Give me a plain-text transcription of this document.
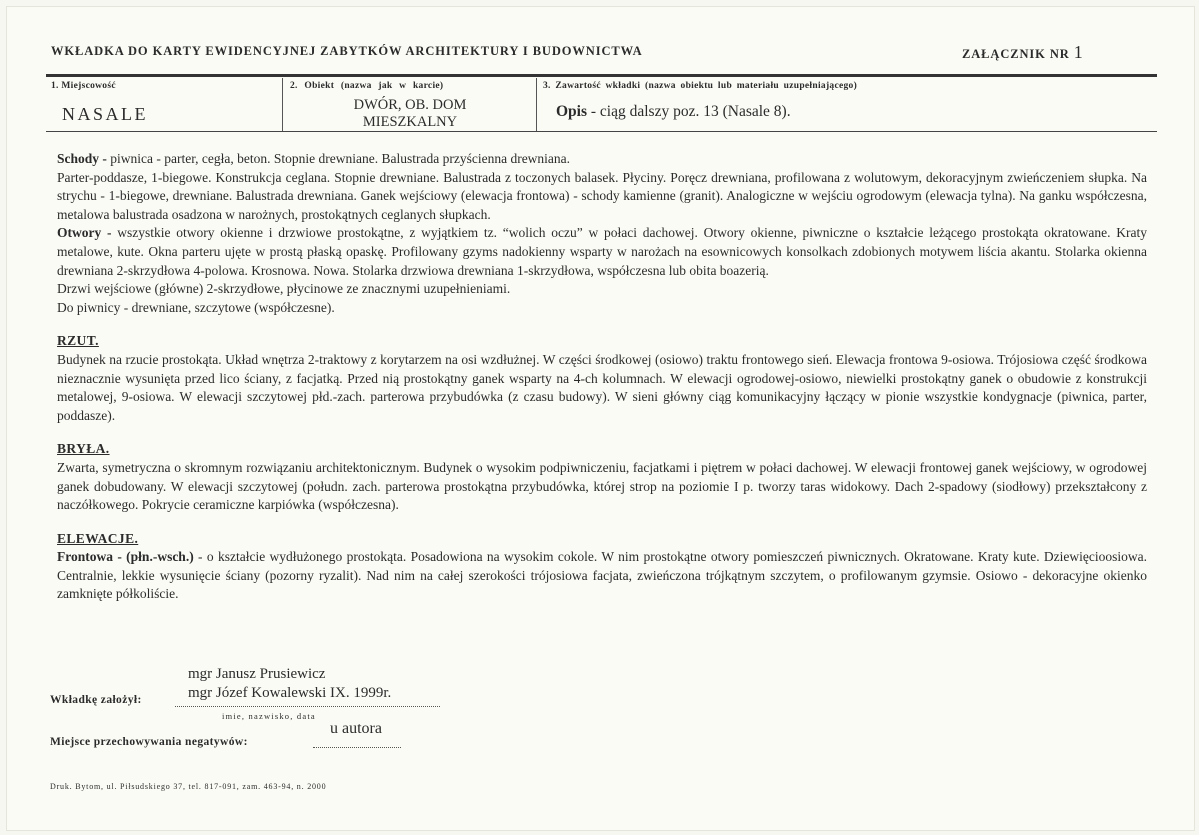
WKŁADKA DO KARTY EWIDENCYJNEJ ZABYTKÓW ARCHITEKTURY I BUDOWNICTWA	ZAŁĄCZNIK NR 1
1. Miejscowość
NASALE
2. Obiekt (nazwa jak w karcie)
DWÓR, OB. DOM
MIESZKALNY
3. Zawartość wkładki (nazwa obiektu lub materiału uzupełniającego)
Opis - ciąg dalszy poz. 13 (Nasale 8).

Schody - piwnica - parter, cegła, beton. Stopnie drewniane. Balustrada przyścienna drewniana.

Parter-poddasze, 1-biegowe. Konstrukcja ceglana. Stopnie drewniane. Balustrada z toczonych balasek. Płyciny. Poręcz drewniana, profilowana z wolutowym, dekoracyjnym zwieńczeniem słupka. Na strychu - 1-biegowe, drewniane. Balustrada drewniana. Ganek wejściowy (elewacja frontowa) - schody kamienne (granit). Analogiczne w wejściu ogrodowym (elewacja tylna). Na ganku współczesna, metalowa balustrada osadzona w narożnych, prostokątnych ceglanych słupkach.

Otwory - wszystkie otwory okienne i drzwiowe prostokątne, z wyjątkiem tz. “wolich oczu” w połaci dachowej. Otwory okienne, piwniczne o kształcie leżącego prostokąta okratowane. Kraty metalowe, kute. Okna parteru ujęte w prostą płaską opaskę. Profilowany gzyms nadokienny wsparty w narożach na esownicowych konsolkach zdobionych motywem liścia akantu. Stolarka okienna drewniana 2-skrzydłowa 4-polowa. Krosnowa. Nowa. Stolarka drzwiowa drewniana 1-skrzydłowa, współczesna lub obita boazerią.

Drzwi wejściowe (główne) 2-skrzydłowe, płycinowe ze znacznymi uzupełnieniami.

Do piwnicy - drewniane, szczytowe (współczesne).

RZUT.

Budynek na rzucie prostokąta. Układ wnętrza 2-traktowy z korytarzem na osi wzdłużnej. W części środkowej (osiowo) traktu frontowego sień. Elewacja frontowa 9-osiowa. Trójosiowa część środkowa nieznacznie wysunięta przed lico ściany, z facjatką. Przed nią prostokątny ganek wsparty na 4-ch kolumnach. W elewacji ogrodowej-osiowo, niewielki prostokątny ganek o obudowie z konstrukcji metalowej, 9-osiowa. W elewacji szczytowej płd.-zach. parterowa przybudówka (z czasu budowy). W sieni główny ciąg komunikacyjny łączący w pionie wszystkie kondygnacje (piwnica, parter, poddasze).

BRYŁA.

Zwarta, symetryczna o skromnym rozwiązaniu architektonicznym. Budynek o wysokim podpiwniczeniu, facjatkami i piętrem w połaci dachowej. W elewacji frontowej ganek wejściowy, w ogrodowej ganek dobudowany. W elewacji szczytowej (połudn. zach. parterowa prostokątna przybudówka, której strop na poziomie I p. tworzy taras widokowy. Dach 2-spadowy (siodłowy) przekształcony z naczółkowego. Pokrycie ceramiczne karpiówka (współczesna).

ELEWACJE.

Frontowa - (płn.-wsch.) - o kształcie wydłużonego prostokąta. Posadowiona na wysokim cokole. W nim prostokątne otwory pomieszczeń piwnicznych. Okratowane. Kraty kute. Dziewięcioosiowa. Centralnie, lekkie wysunięcie ściany (pozorny ryzalit). Nad nim na całej szerokości trójosiowa facjata, zwieńczona trójkątnym szczytem, o profilowanym gzymsie. Osiowo - dekoracyjne okienko zamknięte półkoliście.

mgr Janusz Prusiewicz
mgr Józef Kowalewski IX. 1999r.
Wkładkę założył:
imie, nazwisko, data
Miejsce przechowywania negatywów:
u autora
Druk. Bytom, ul. Piłsudskiego 37, tel. 817-091, zam. 463-94, n. 2000
